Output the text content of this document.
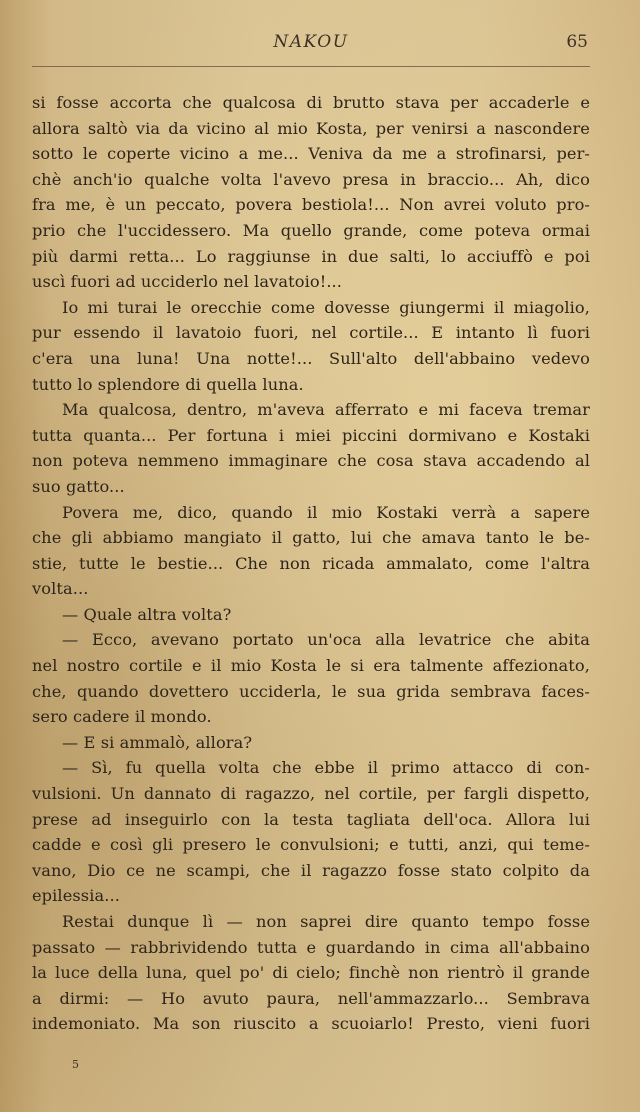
NAKOU	65
si fosse accorta che qualcosa di brutto stava per accaderle e
allora saltò via da vicino al mio Kosta, per venirsi a nascondere
sotto le coperte vicino a me... Veniva da me a strofinarsi, per-
chè anch'io qualche volta l'avevo presa in braccio... Ah, dico
fra me, è un peccato, povera bestiola!... Non avrei voluto pro-
prio che l'uccidessero. Ma quello grande, come poteva ormai
più darmi retta... Lo raggiunse in due salti, lo acciuffò e poi
uscì fuori ad ucciderlo nel lavatoio!...
Io mi turai le orecchie come dovesse giungermi il miagolio,
pur essendo il lavatoio fuori, nel cortile... E intanto lì fuori
c'era una luna! Una notte!... Sull'alto dell'abbaino vedevo
tutto lo splendore di quella luna.
Ma qualcosa, dentro, m'aveva afferrato e mi faceva tremar
tutta quanta... Per fortuna i miei piccini dormivano e Kostaki
non poteva nemmeno immaginare che cosa stava accadendo al
suo gatto...
Povera me, dico, quando il mio Kostaki verrà a sapere
che gli abbiamo mangiato il gatto, lui che amava tanto le be-
stie, tutte le bestie... Che non ricada ammalato, come l'altra
volta...
— Quale altra volta?
— Ecco, avevano portato un'oca alla levatrice che abita
nel nostro cortile e il mio Kosta le si era talmente affezionato,
che, quando dovettero ucciderla, le sua grida sembrava faces-
sero cadere il mondo.
— E si ammalò, allora?
— Sì, fu quella volta che ebbe il primo attacco di con-
vulsioni. Un dannato di ragazzo, nel cortile, per fargli dispetto,
prese ad inseguirlo con la testa tagliata dell'oca. Allora lui
cadde e così gli presero le convulsioni; e tutti, anzi, qui teme-
vano, Dio ce ne scampi, che il ragazzo fosse stato colpito da
epilessia...
Restai dunque lì — non saprei dire quanto tempo fosse
passato — rabbrividendo tutta e guardando in cima all'abbaino
la luce della luna, quel po' di cielo; finchè non rientrò il grande
a dirmi: — Ho avuto paura, nell'ammazzarlo... Sembrava
indemoniato. Ma son riuscito a scuoiarlo! Presto, vieni fuori
5
